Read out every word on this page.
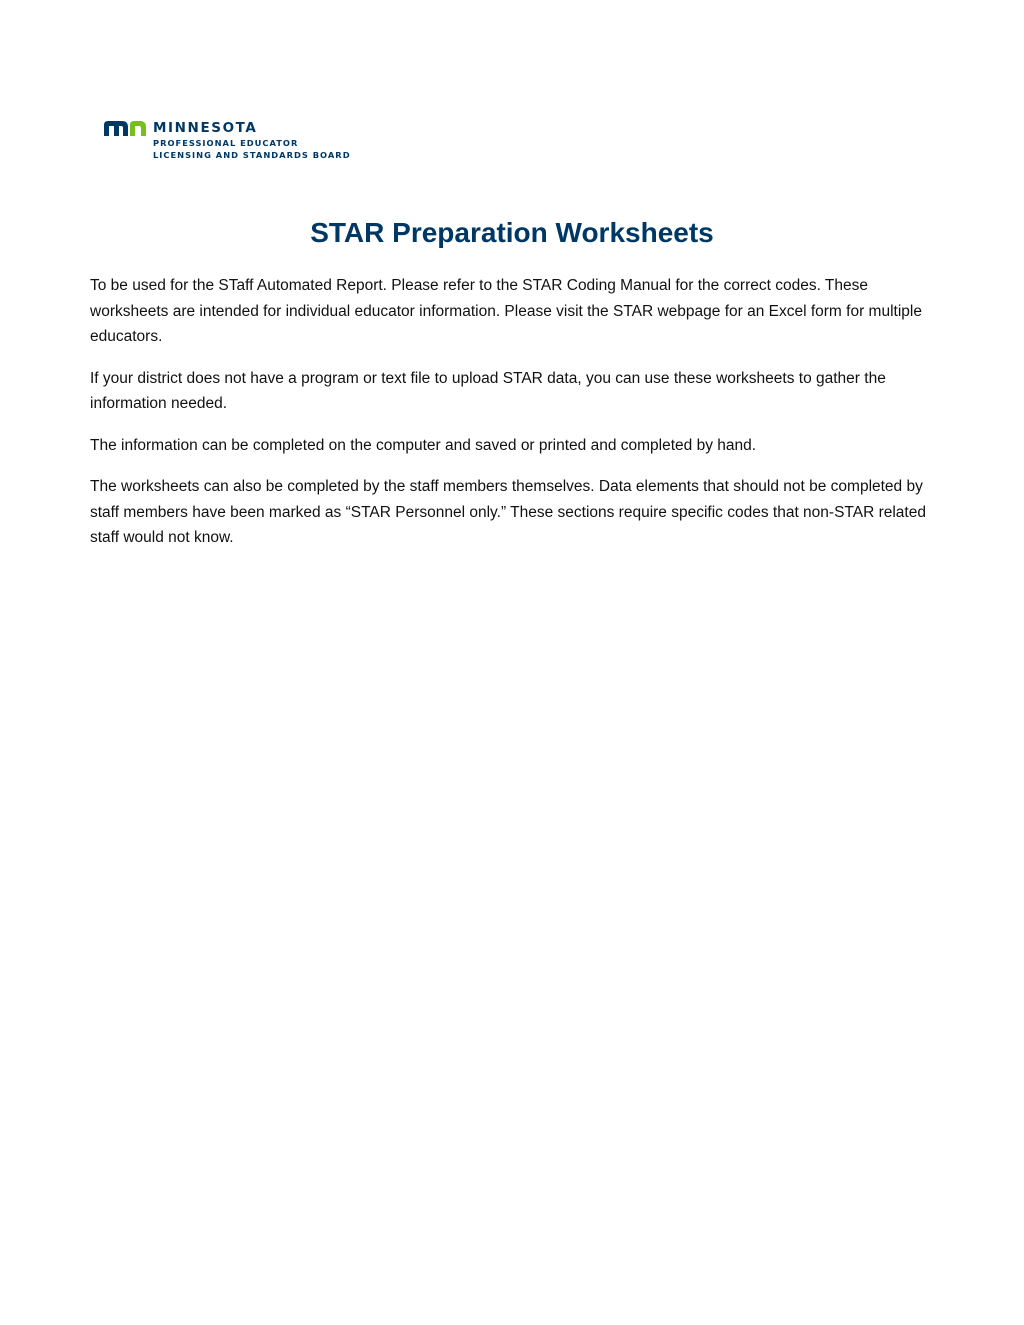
MINNESOTA
PROFESSIONAL EDUCATOR
LICENSING AND STANDARDS BOARD
STAR Preparation Worksheets

To be used for the STaff Automated Report. Please refer to the STAR Coding Manual for the correct codes. These worksheets are intended for individual educator information. Please visit the STAR webpage for an Excel form for multiple educators.

If your district does not have a program or text file to upload STAR data, you can use these worksheets to gather the information needed.

The information can be completed on the computer and saved or printed and completed by hand.

The worksheets can also be completed by the staff members themselves. Data elements that should not be completed by staff members have been marked as “STAR Personnel only.” These sections require specific codes that non-STAR related staff would not know.
